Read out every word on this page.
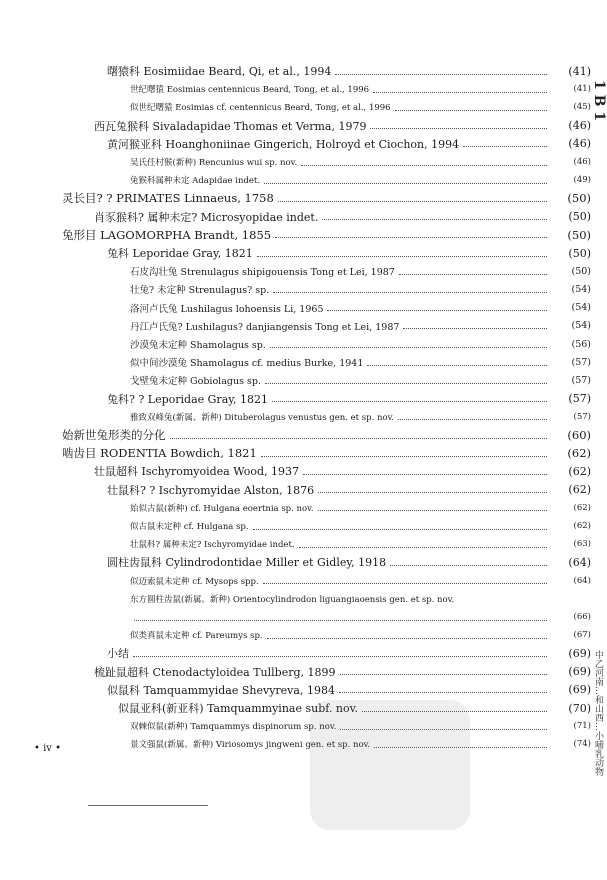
1 B 1
中乙河南…和山西…小哺乳动物
曙猿科 Eosimiidae Beard, Qi, et al., 1994	(41)
世纪曙猿 Eosimias centennicus Beard, Tong, et al., 1996	(41)
似世纪曙猿 Eosimias cf. centennicus Beard, Tong, et al., 1996	(45)
西瓦兔猴科 Sivaladapidae Thomas et Verma, 1979	(46)
黄河猴亚科 Hoanghoniinae Gingerich, Holroyd et Ciochon, 1994	(46)
吴氏任村猴(新种) Rencunius wui sp. nov.	(46)
兔猴科属种未定 Adapidae indet.	(49)
灵长目? ? PRIMATES Linnaeus, 1758	(50)
肖豕猴科? 属种未定? Microsyopidae indet.	(50)
兔形目 LAGOMORPHA Brandt, 1855	(50)
兔科 Leporidae Gray, 1821	(50)
石皮沟壮兔 Strenulagus shipigouensis Tong et Lei, 1987	(50)
壮兔? 未定种 Strenulagus? sp.	(54)
洛河卢氏兔 Lushilagus lohoensis Li, 1965	(54)
丹江卢氏兔? Lushilagus? danjiangensis Tong et Lei, 1987	(54)
沙漠兔未定种 Shamolagus sp.	(56)
似中间沙漠兔 Shamolagus cf. medius Burke, 1941	(57)
戈壁兔未定种 Gobiolagus sp.	(57)
兔科? ? Leporidae Gray, 1821	(57)
雅致双峰兔(新属、新种) Dituberolagus venustus gen. et sp. nov.	(57)
始新世兔形类的分化	(60)
啮齿目 RODENTIA Bowdich, 1821	(62)
壮鼠超科 Ischyromyoidea Wood, 1937	(62)
壮鼠科? ? Ischyromyidae Alston, 1876	(62)
始似古鼠(新种) cf. Hulgana eoertnia sp. nov.	(62)
似古鼠未定种 cf. Hulgana sp.	(62)
壮鼠科? 属种未定? Ischyromyidae indet.	(63)
圆柱齿鼠科 Cylindrodontidae Miller et Gidley, 1918	(64)
似迈索鼠未定种 cf. Mysops spp.	(64)
东方圆柱齿鼠(新属、新种) Orientocylindrodon liguangiaoensis gen. et sp. nov.
(66)
似类真鼠未定种 cf. Pareumys sp.	(67)
小结	(69)
梳趾鼠超科 Ctenodactyloidea Tullberg, 1899	(69)
似鼠科 Tamquammyidae Shevyreva, 1984	(69)
似鼠亚科(新亚科) Tamquammyinae subf. nov.	(70)
双棘似鼠(新种) Tamquammys dispinorum sp. nov.	(71)
景文强鼠(新属、新种) Viriosomys jingweni gen. et sp. nov.	(74)
• iv •
